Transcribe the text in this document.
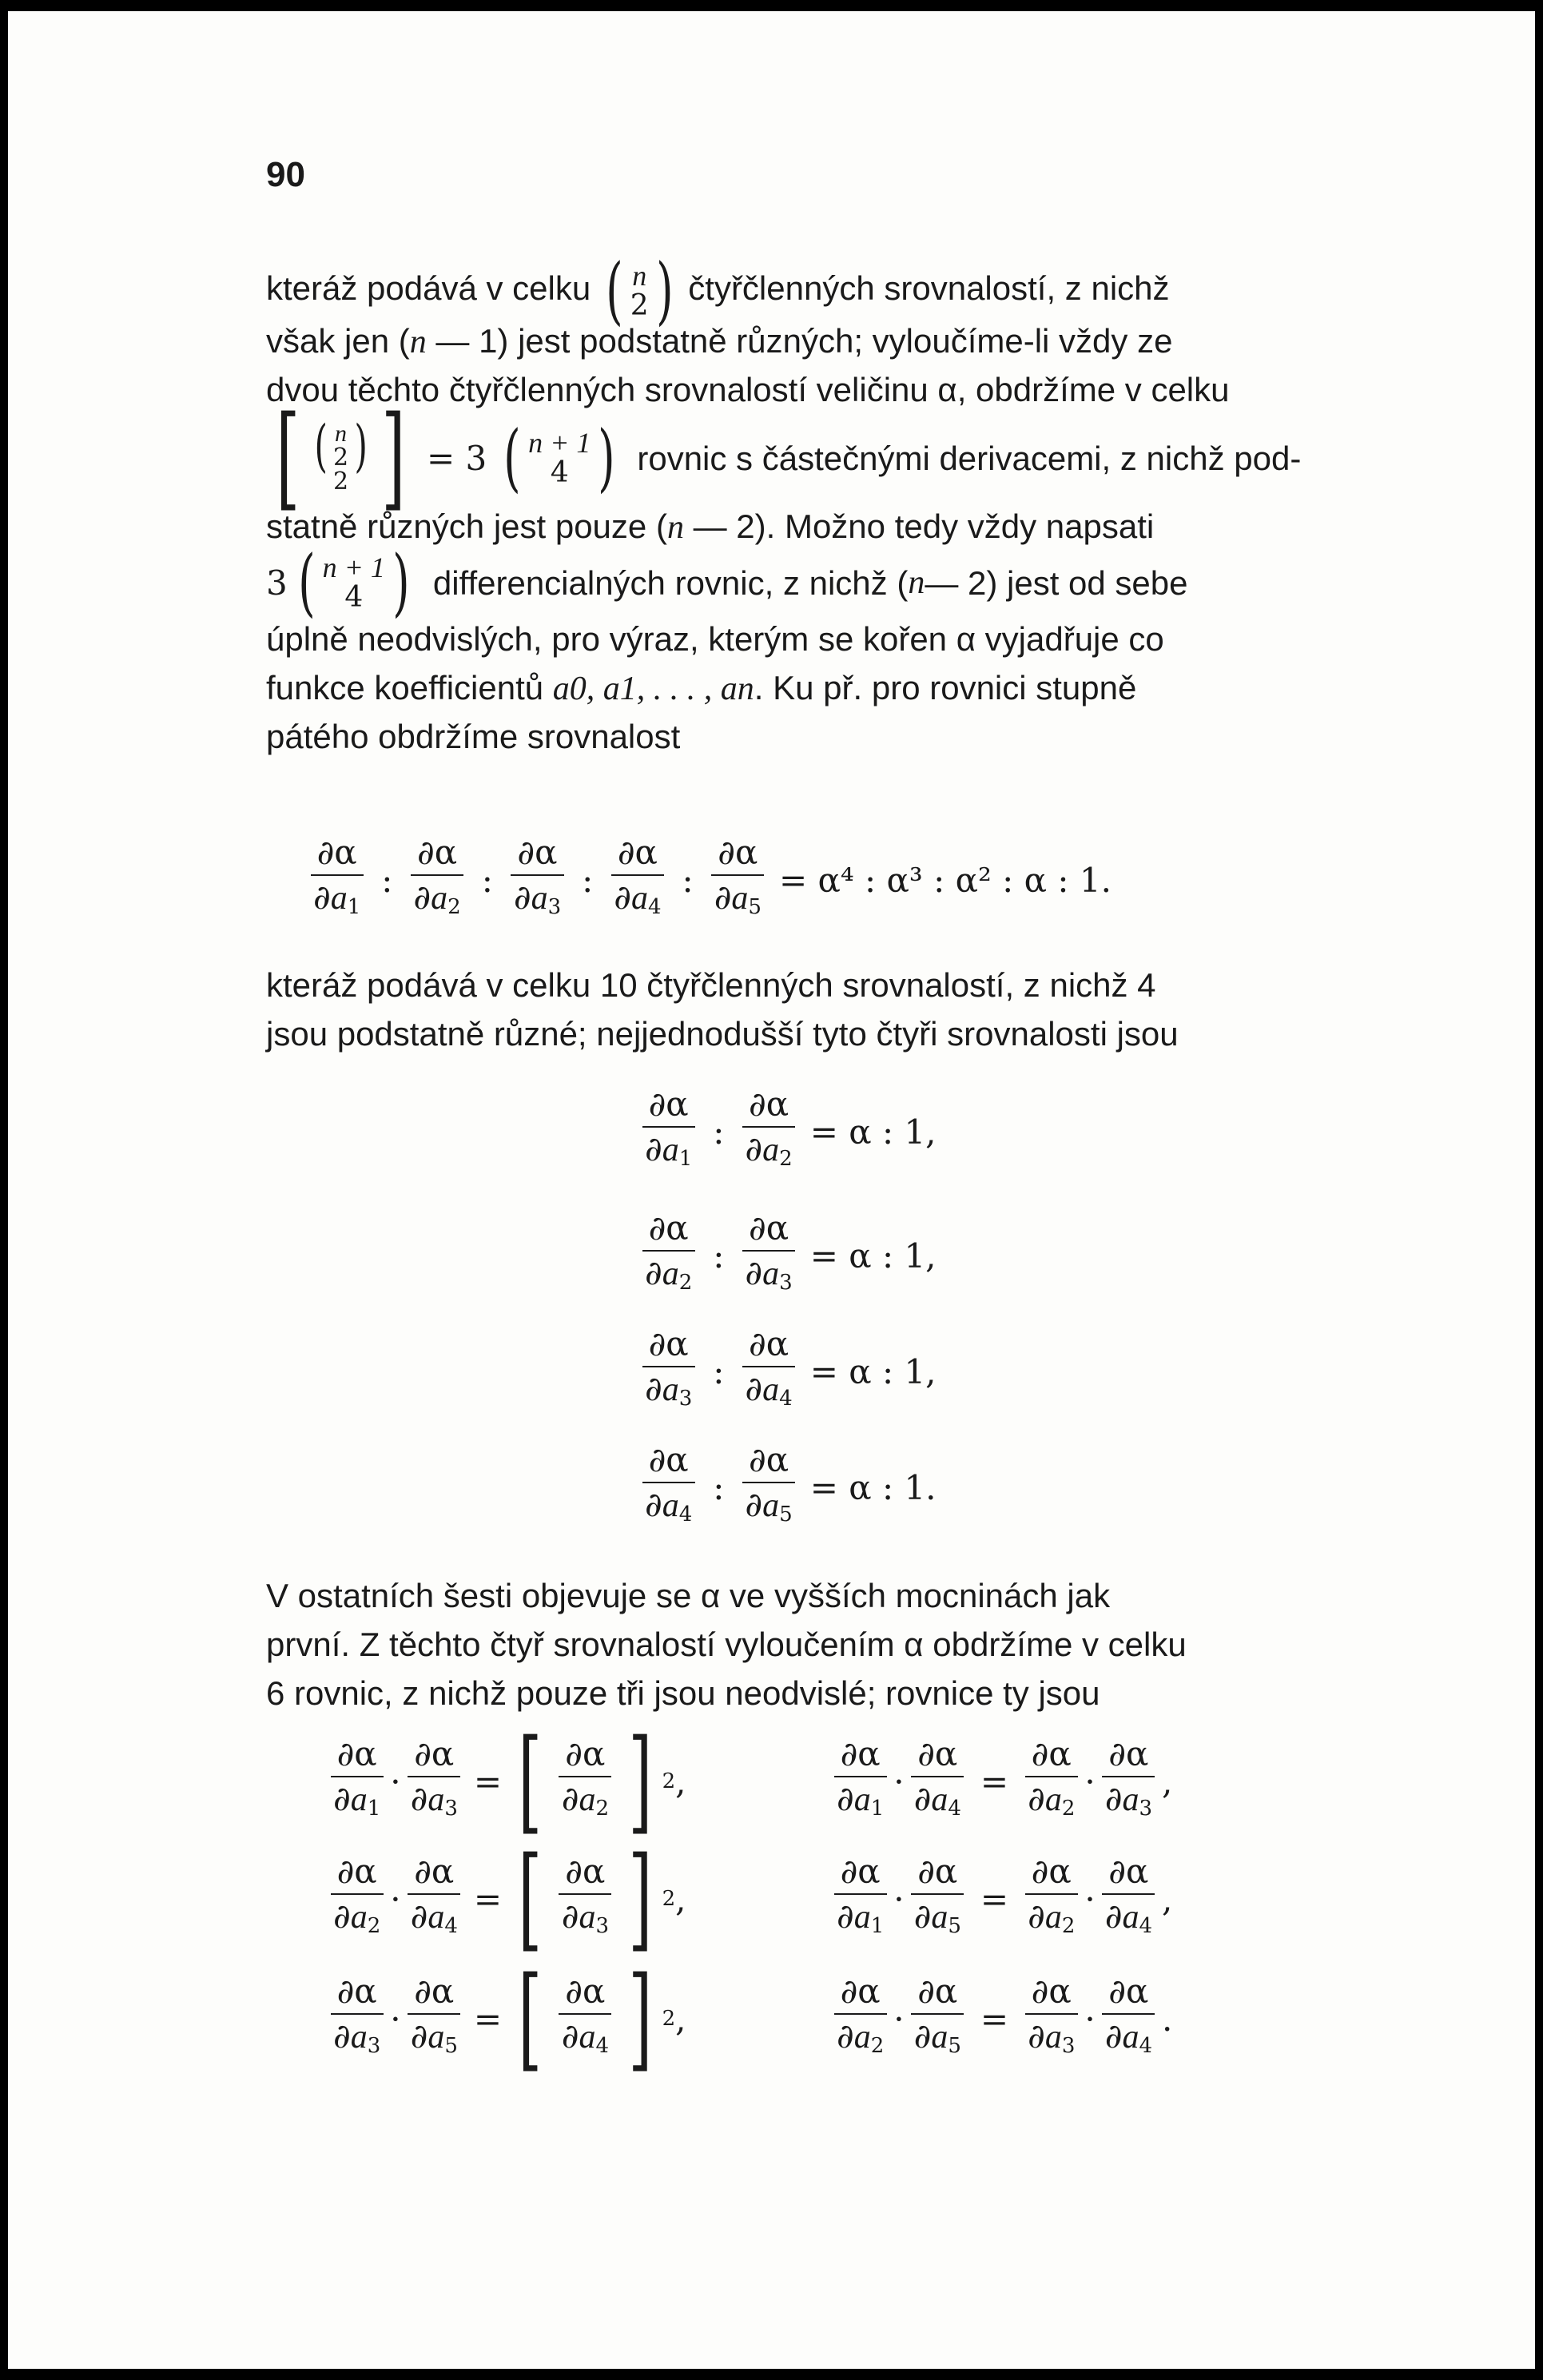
90
kteráž podává v celku ( n
2 ) čtyřčlenných srovnalostí, z nichž
však jen (n — 1) jest podstatně různých; vyloučíme-li vždy ze
dvou těchto čtyřčlenných srovnalostí veličinu α, obdržíme v celku
[ ( n
2 )
2 ] = 3 ( n + 1
4 ) rovnic s částečnými derivacemi, z nichž pod-
statně různých jest pouze (n — 2). Možno tedy vždy napsati
3 ( n + 1
4 ) differencialných rovnic, z nichž ( n — 2) jest od sebe
úplně neodvislých, pro výraz, kterým se kořen α vyjadřuje co
funkce koefficientů a0, a1, . . . , an. Ku př. pro rovnici stupně
pátého obdržíme srovnalost
$\frac{\partial\alpha}{\partial a_1}$ : $\frac{\partial\alpha}{\partial a_2}$ : $\frac{\partial\alpha}{\partial a_3}$ : $\frac{\partial\alpha}{\partial a_4}$ : $\frac{\partial\alpha}{\partial a_5} = \alpha^4$ : α³ : α² : α : 1.
kteráž podává v celku 10 čtyřčlenných srovnalostí, z nichž 4
jsou podstatně různé; nejjednodušší tyto čtyři srovnalosti jsou
$\frac{\partial\alpha}{\partial a_1}$ : $\frac{\partial\alpha}{\partial a_2} = \alpha$ : 1,
$\frac{\partial\alpha}{\partial a_2}$ : $\frac{\partial\alpha}{\partial a_3} = \alpha$ : 1,
$\frac{\partial\alpha}{\partial a_3}$ : $\frac{\partial\alpha}{\partial a_4} = \alpha$ : 1,
$\frac{\partial\alpha}{\partial a_4}$ : $\frac{\partial\alpha}{\partial a_5} = \alpha$ : 1.
V ostatních šesti objevuje se α ve vyšších mocninách jak
první. Z těchto čtyř srovnalostí vyloučením α obdržíme v celku
6 rovnic, z nichž pouze tři jsou neodvislé; rovnice ty jsou
$\frac{\partial\alpha}{\partial a_1} \cdot \frac{\partial\alpha}{\partial a_3}$ = [ $\frac{\partial\alpha}{\partial a_2}$ ] 2 ,	$\frac{\partial\alpha}{\partial a_1} \cdot \frac{\partial\alpha}{\partial a_4} = \frac{\partial\alpha}{\partial a_2} \cdot \frac{\partial\alpha}{\partial a_3}$ ,
$\frac{\partial\alpha}{\partial a_2} \cdot \frac{\partial\alpha}{\partial a_4}$ = [ $\frac{\partial\alpha}{\partial a_3}$ ] 2 ,	$\frac{\partial\alpha}{\partial a_1} \cdot \frac{\partial\alpha}{\partial a_5} = \frac{\partial\alpha}{\partial a_2} \cdot \frac{\partial\alpha}{\partial a_4}$ ,
$\frac{\partial\alpha}{\partial a_3} \cdot \frac{\partial\alpha}{\partial a_5}$ = [ $\frac{\partial\alpha}{\partial a_4}$ ] 2 ,	$\frac{\partial\alpha}{\partial a_2} \cdot \frac{\partial\alpha}{\partial a_5} = \frac{\partial\alpha}{\partial a_3} \cdot \frac{\partial\alpha}{\partial a_4}$ .
